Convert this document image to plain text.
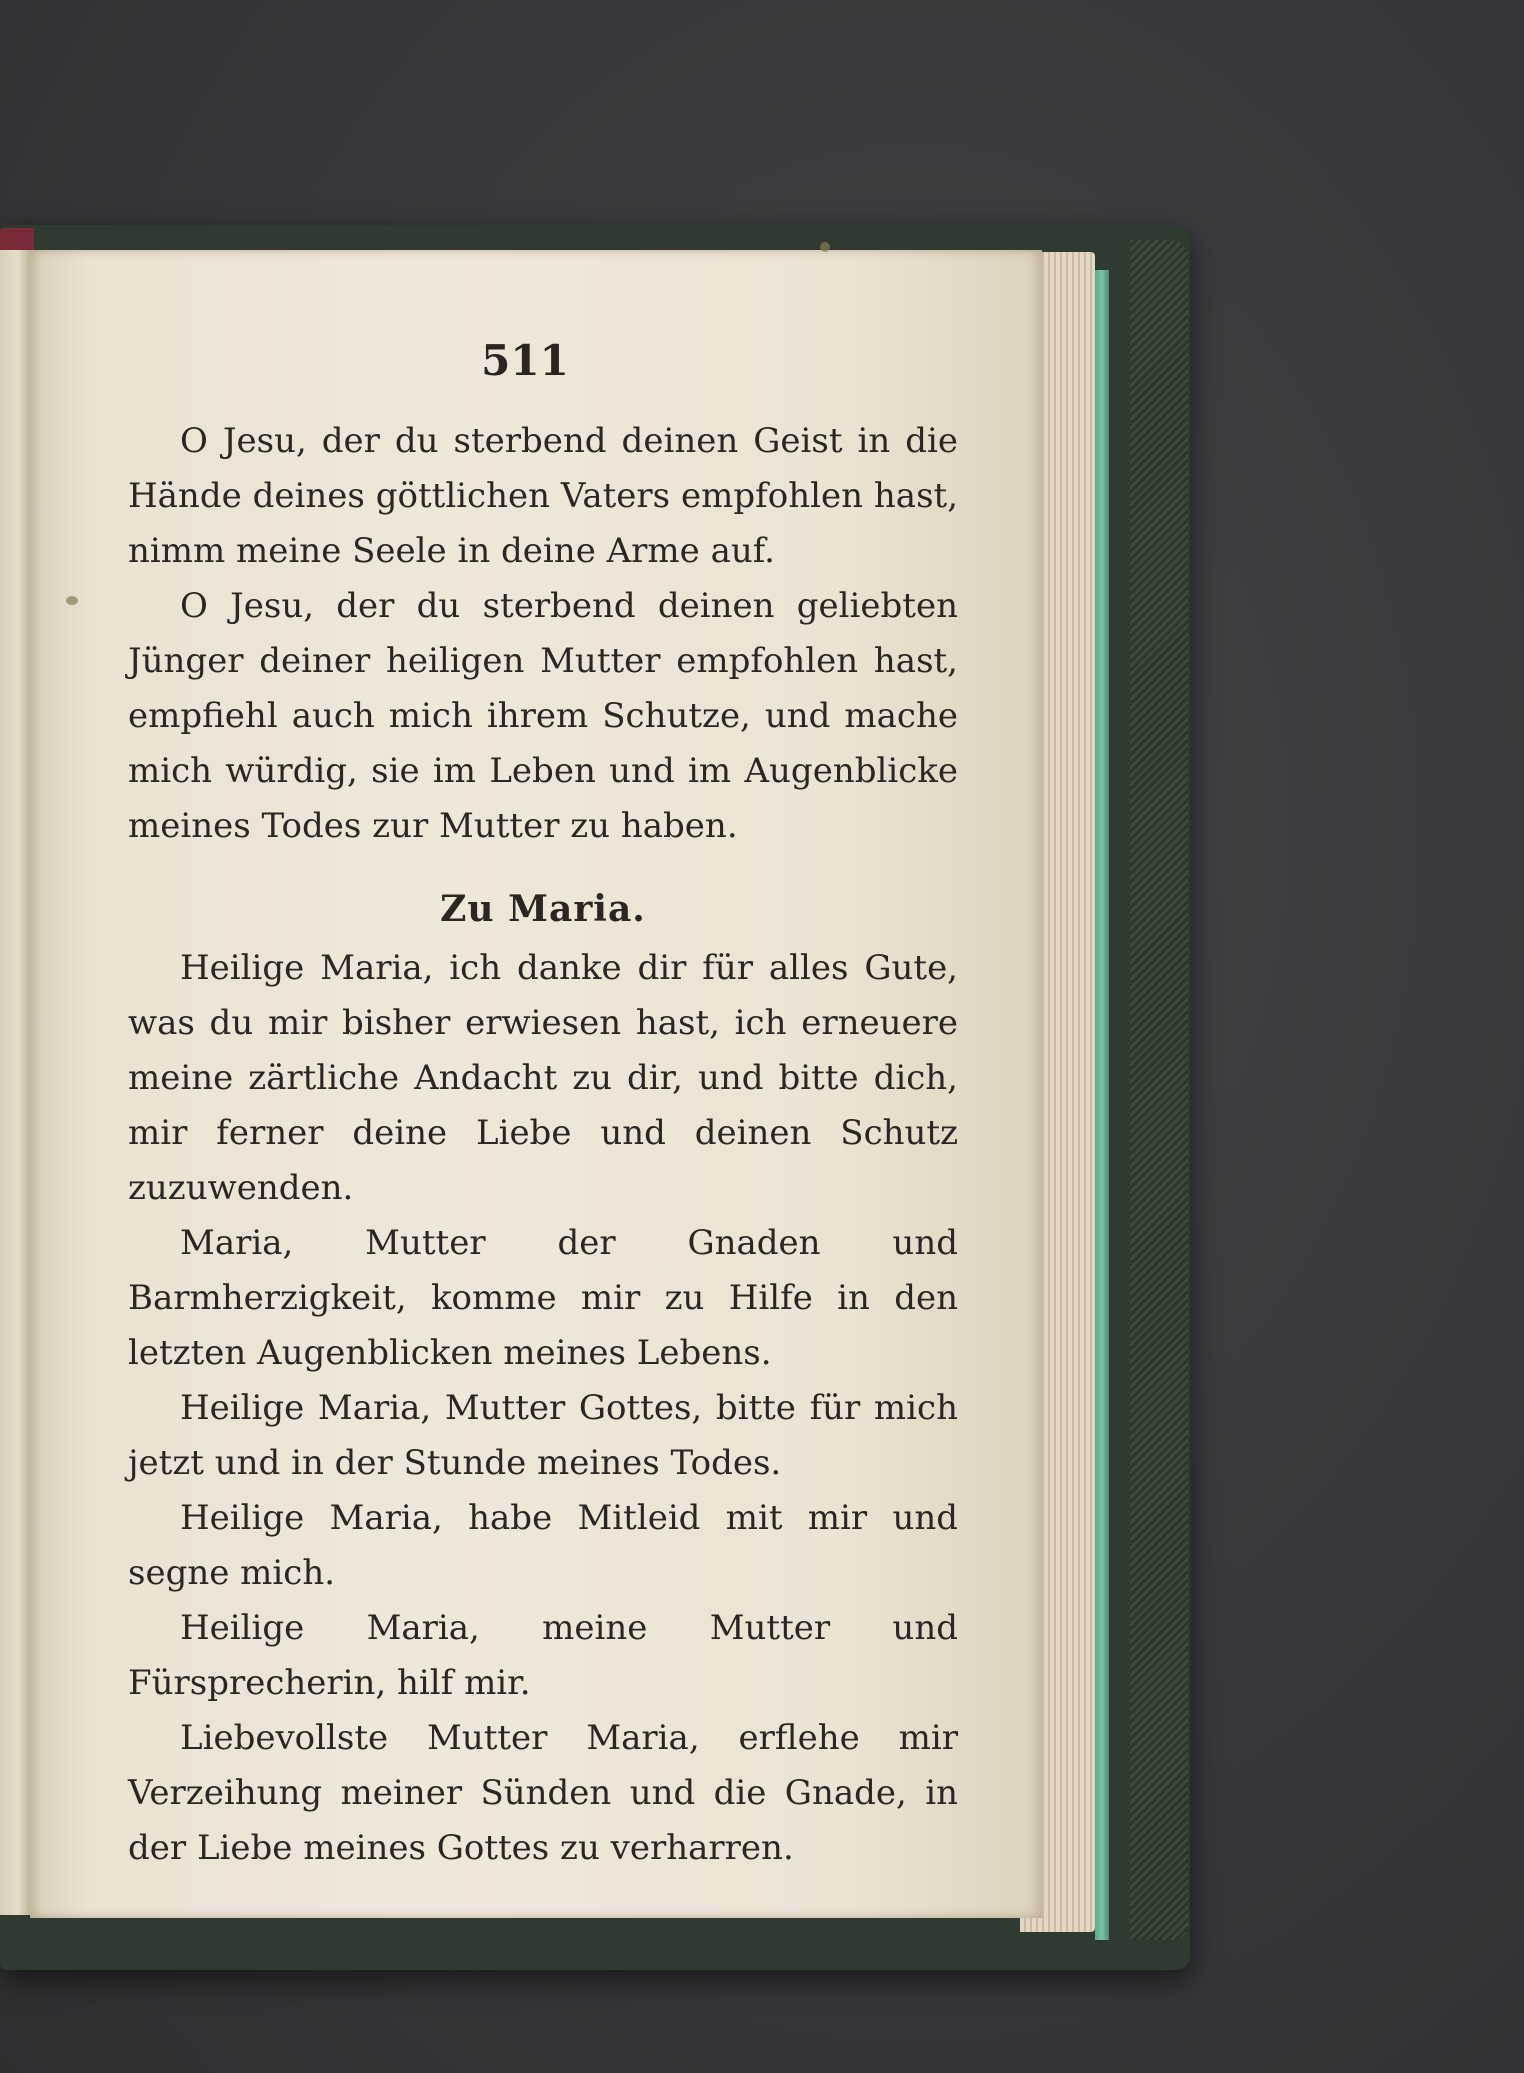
511

O Jesu, der du sterbend deinen Geist in die Hände deines göttlichen Vaters empfohlen hast, nimm meine Seele in deine Arme auf.

O Jesu, der du sterbend deinen geliebten Jünger deiner heiligen Mutter empfohlen hast, empfiehl auch mich ihrem Schutze, und mache mich würdig, sie im Leben und im Augenblicke meines Todes zur Mutter zu haben.

Zu Maria.

Heilige Maria, ich danke dir für alles Gute, was du mir bisher erwiesen hast, ich erneuere meine zärtliche Andacht zu dir, und bitte dich, mir ferner deine Liebe und deinen Schutz zuzuwenden.

Maria, Mutter der Gnaden und Barmherzigkeit, komme mir zu Hilfe in den letzten Augenblicken meines Lebens.

Heilige Maria, Mutter Gottes, bitte für mich jetzt und in der Stunde meines Todes.

Heilige Maria, habe Mitleid mit mir und segne mich.

Heilige Maria, meine Mutter und Fürsprecherin, hilf mir.

Liebevollste Mutter Maria, erflehe mir Verzeihung meiner Sünden und die Gnade, in der Liebe meines Gottes zu verharren.
